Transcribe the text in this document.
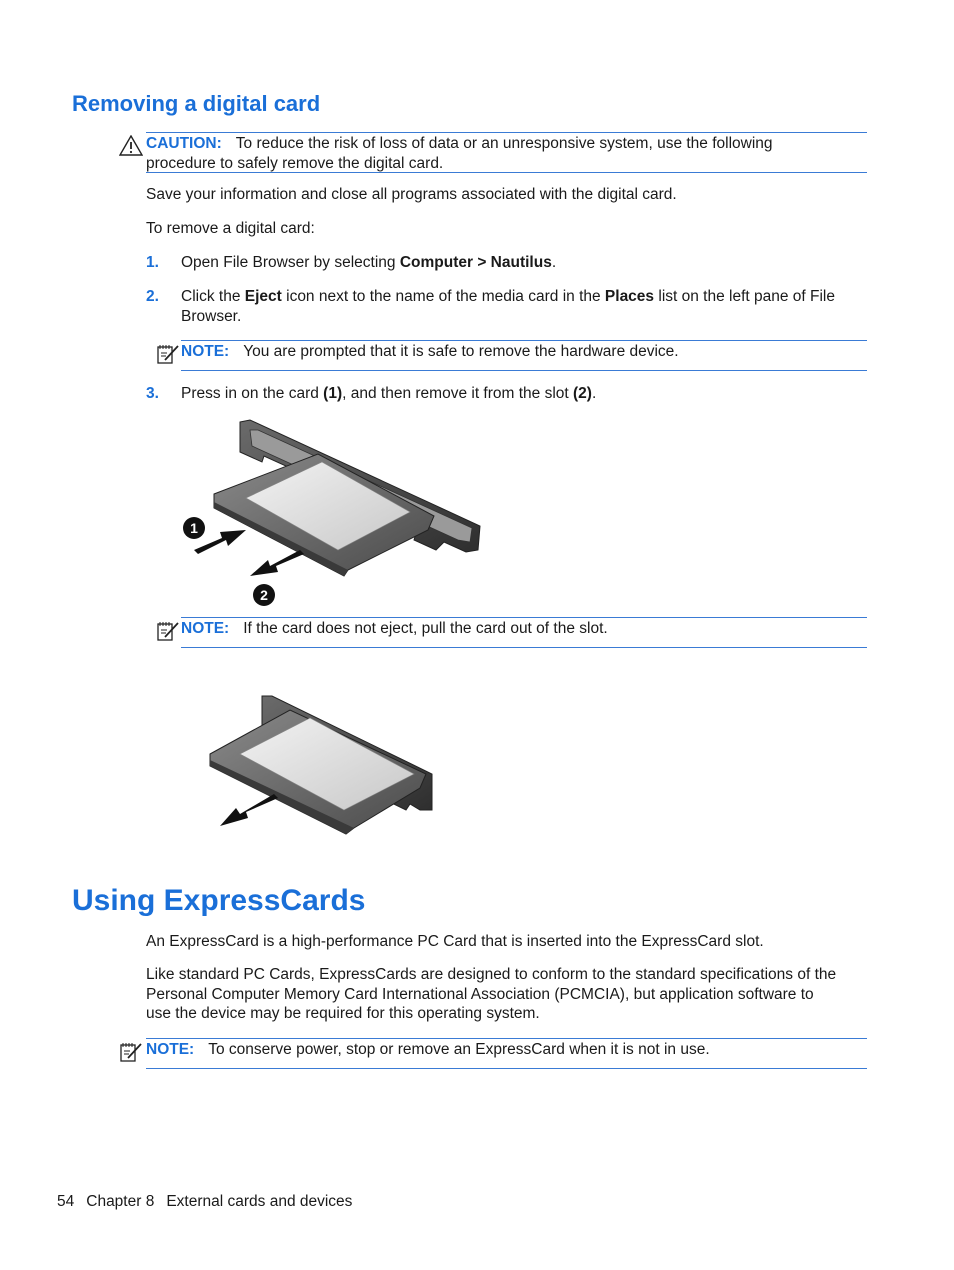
Removing a digital card
CAUTION: To reduce the risk of loss of data or an unresponsive system, use the following
procedure to safely remove the digital card.

Save your information and close all programs associated with the digital card.

To remove a digital card:

1. Open File Browser by selecting Computer > Nautilus.
2. Click the Eject icon next to the name of the media card in the Places list on the left pane of File
Browser.
NOTE: You are prompted that it is safe to remove the hardware device.
3. Press in on the card (1), and then remove it from the slot (2).
1
2
NOTE: If the card does not eject, pull the card out of the slot.
Using ExpressCards

An ExpressCard is a high-performance PC Card that is inserted into the ExpressCard slot.

Like standard PC Cards, ExpressCards are designed to conform to the standard specifications of the
Personal Computer Memory Card International Association (PCMCIA), but application software to
use the device may be required for this operating system.
NOTE: To conserve power, stop or remove an ExpressCard when it is not in use.
54 Chapter 8 External cards and devices
